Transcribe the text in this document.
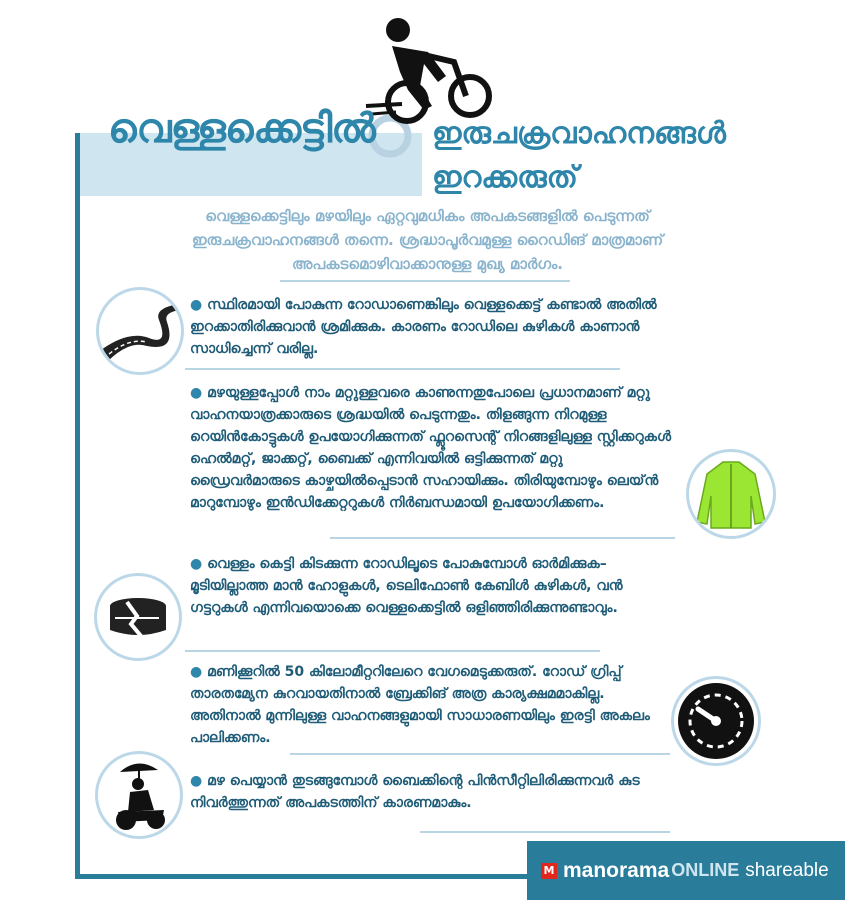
വെള്ളക്കെട്ടിൽ ഇരുചക്രവാഹനങ്ങൾ ഇറക്കരുത്
വെള്ളക്കെട്ടിലും മഴയിലും ഏറ്റവുമധികം അപകടങ്ങളിൽ പെടുന്നത് ഇരുചക്രവാഹനങ്ങൾ തന്നെ. ശ്രദ്ധാപൂർവമുള്ള റൈഡിങ് മാത്രമാണ് അപകടമൊഴിവാക്കാനുള്ള മുഖ്യ മാർഗം.
● സ്ഥിരമായി പോകുന്ന റോഡാണെങ്കിലും വെള്ളക്കെട്ട് കണ്ടാൽ അതിൽ ഇറക്കാതിരിക്കുവാൻ ശ്രമിക്കുക. കാരണം റോഡിലെ കുഴികൾ കാണാൻ സാധിച്ചെന്ന് വരില്ല.
● മഴയുള്ളപ്പോൾ നാം മറ്റുള്ളവരെ കാണുന്നതുപോലെ പ്രധാനമാണ് മറ്റു വാഹനയാത്രക്കാരുടെ ശ്രദ്ധയിൽ പെടുന്നതും. തിളങ്ങുന്ന നിറമുള്ള റെയിൻകോട്ടുകൾ ഉപയോഗിക്കുന്നത് ഫ്ലൂറസെന്റ് നിറങ്ങളിലുള്ള സ്റ്റിക്കറുകൾ ഹെൽമറ്റ്, ജാക്കറ്റ്, ബൈക്ക് എന്നിവയിൽ ഒട്ടിക്കുന്നത് മറ്റു ഡ്രൈവർമാരുടെ കാഴ്ചയിൽപ്പെടാൻ സഹായിക്കും. തിരിയുമ്പോഴും ലെയ്ൻ മാറുമ്പോഴും ഇൻഡിക്കേറ്ററുകൾ നിർബന്ധമായി ഉപയോഗിക്കണം.
● വെള്ളം കെട്ടി കിടക്കുന്ന റോഡിലൂടെ പോകുമ്പോൾ ഓർമിക്കുക– മൂടിയില്ലാത്ത മാൻ ഹോളുകൾ, ടെലിഫോൺ കേബിൾ കുഴികൾ, വൻ ഗട്ടറുകൾ എന്നിവയൊക്കെ വെള്ളക്കെട്ടിൽ ഒളിഞ്ഞിരിക്കുന്നുണ്ടാവും.
● മണിക്കൂറിൽ 50 കിലോമീറ്ററിലേറെ വേഗമെടുക്കരുത്. റോഡ് ഗ്രിപ്പ് താരതമ്യേന കുറവായതിനാൽ ബ്രേക്കിങ് അത്ര കാര്യക്ഷമമാകില്ല. അതിനാൽ മുന്നിലുള്ള വാഹനങ്ങളുമായി സാധാരണയിലും ഇരട്ടി അകലം പാലിക്കണം.
● മഴ പെയ്യാൻ തുടങ്ങുമ്പോൾ ബൈക്കിന്റെ പിൻസീറ്റിലിരിക്കുന്നവർ കുട നിവർത്തുന്നത് അപകടത്തിന് കാരണമാകും.
M manorama ONLINE shareable
